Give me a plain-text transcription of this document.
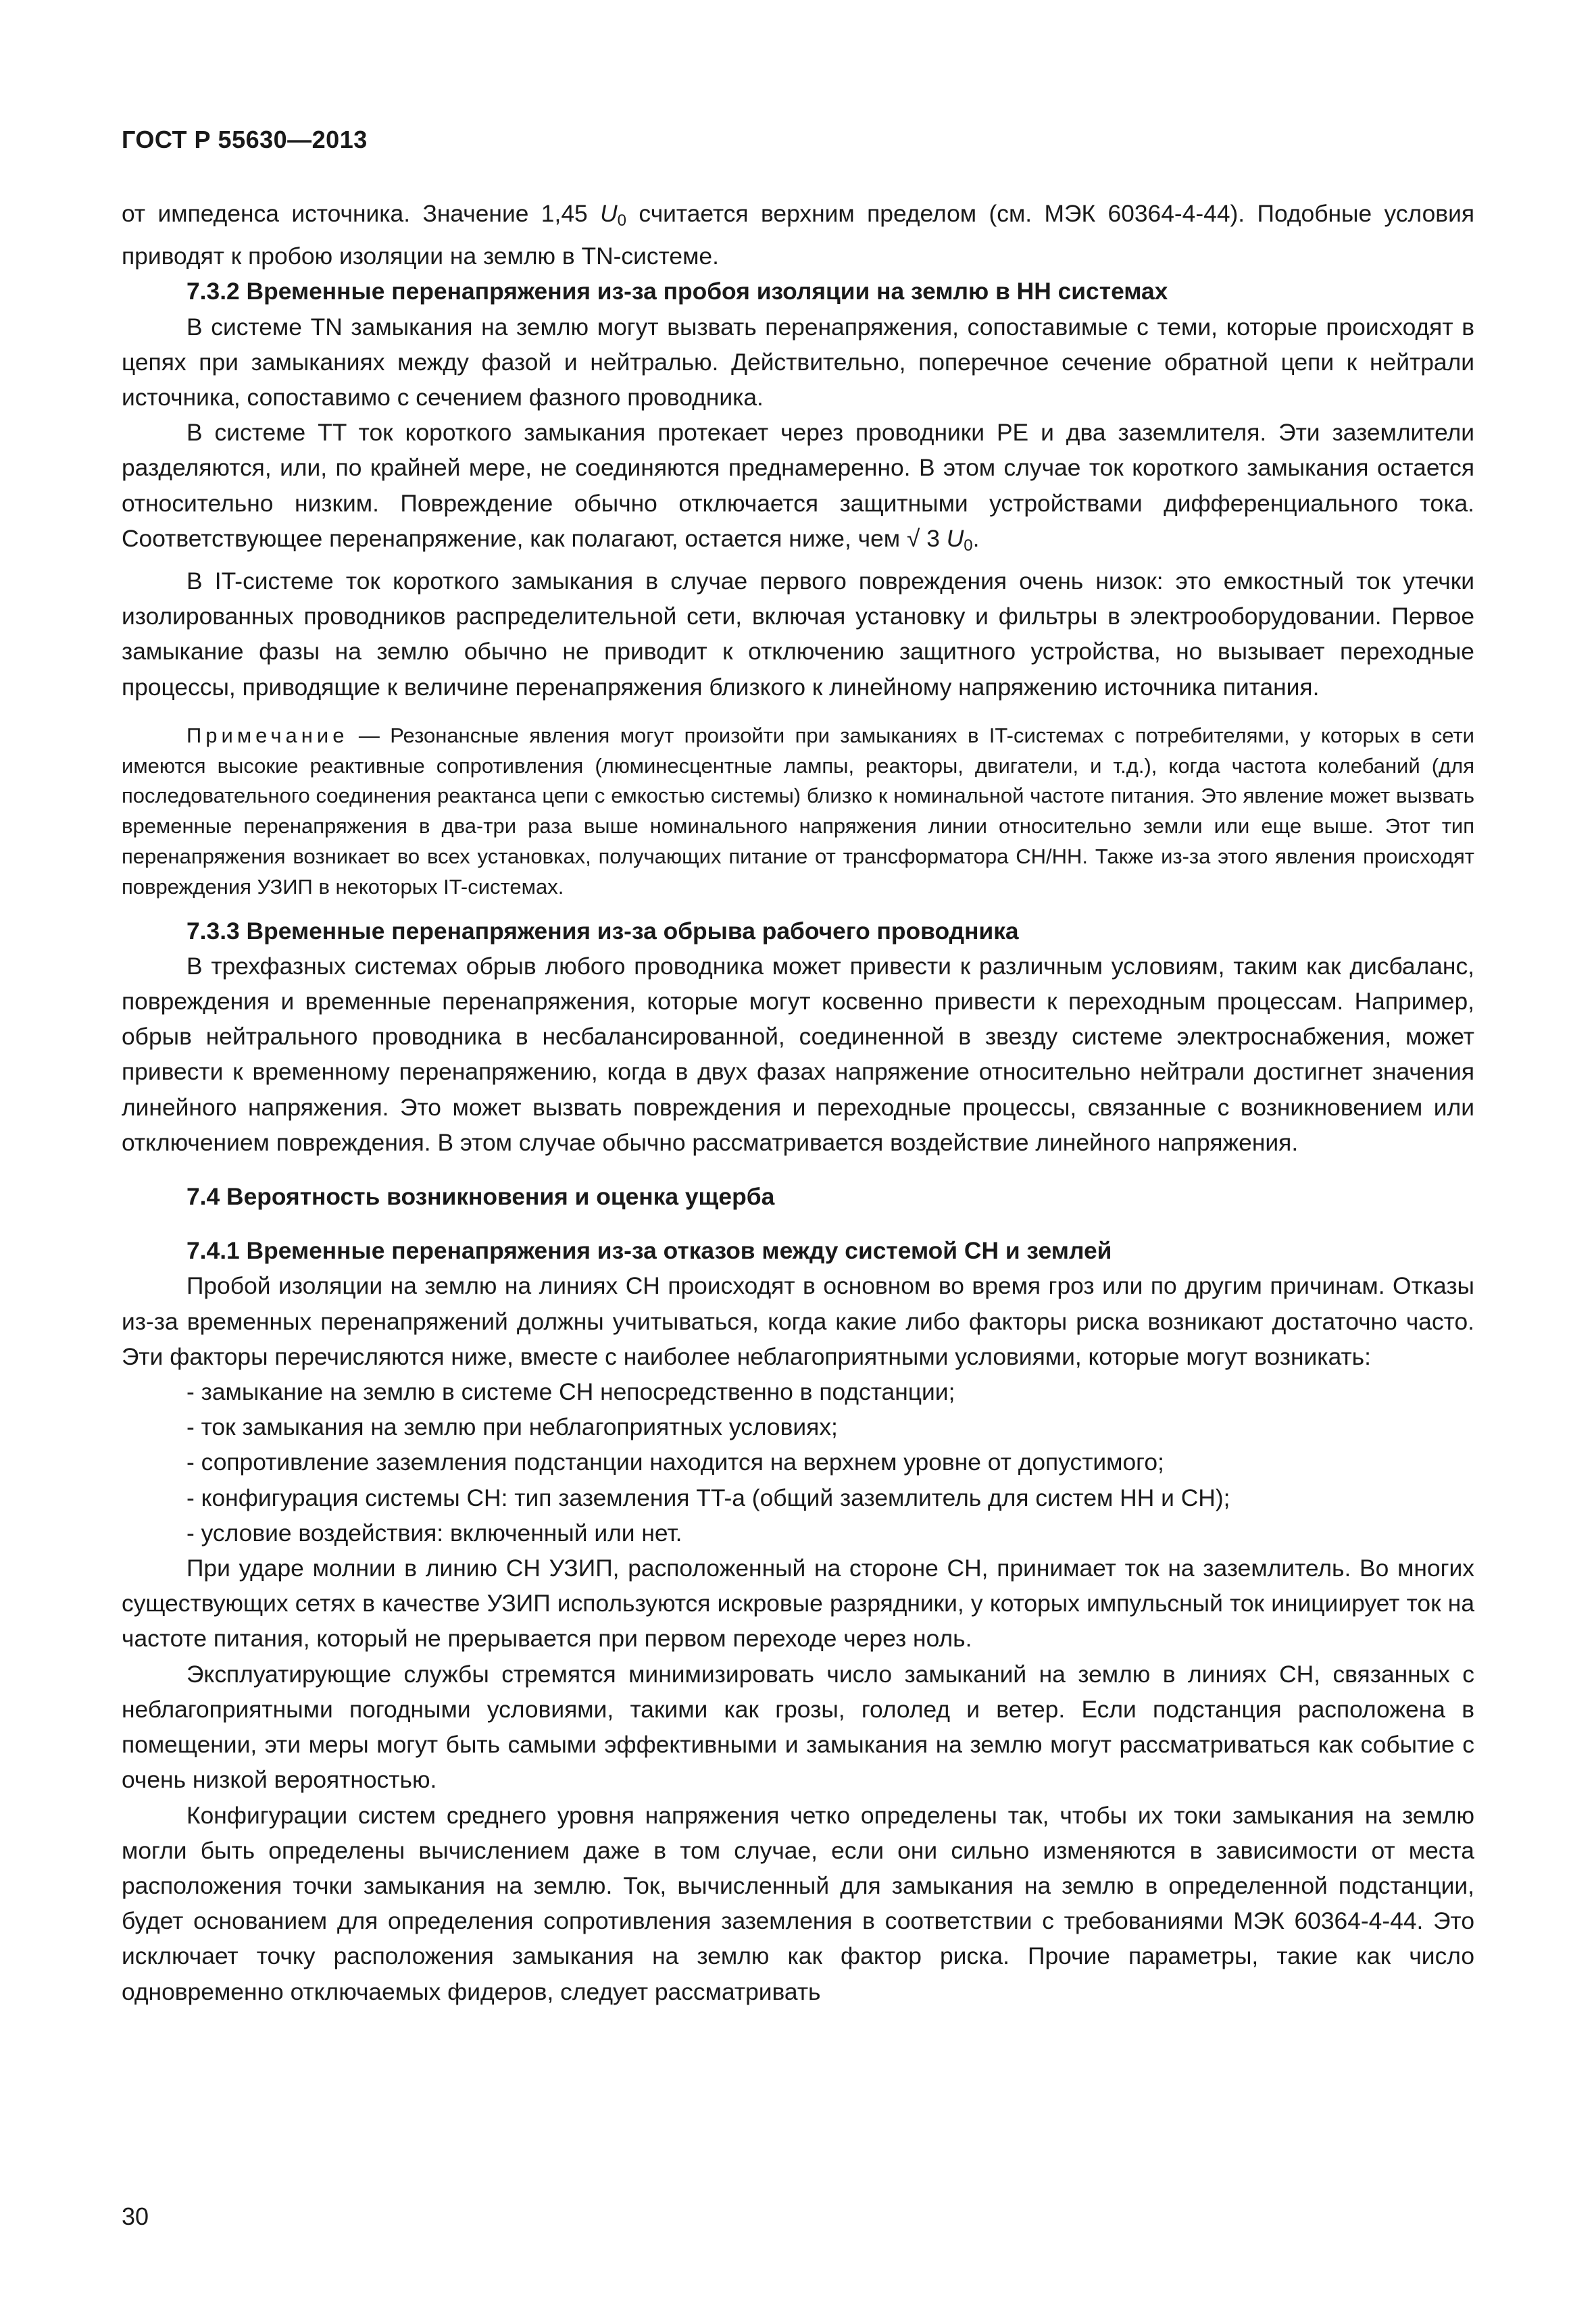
ГОСТ Р 55630—2013

от импеденса источника. Значение 1,45 $U_0$ считается верхним пределом (см. МЭК 60364-4-44). Подобные условия приводят к пробою изоляции на землю в TN-системе.

7.3.2 Временные перенапряжения из-за пробоя изоляции на землю в НН системах

В системе TN замыкания на землю могут вызвать перенапряжения, сопоставимые с теми, которые происходят в цепях при замыканиях между фазой и нейтралью. Действительно, поперечное сечение обратной цепи к нейтрали источника, сопоставимо с сечением фазного проводника.

В системе TT ток короткого замыкания протекает через проводники PE и два заземлителя. Эти заземлители разделяются, или, по крайней мере, не соединяются преднамеренно. В этом случае ток короткого замыкания остается относительно низким. Повреждение обычно отключается защитными устройствами дифференциального тока. Соответствующее перенапряжение, как полагают, остается ниже, чем √ 3 $U_0$.

В IT-системе ток короткого замыкания в случае первого повреждения очень низок: это емкостный ток утечки изолированных проводников распределительной сети, включая установку и фильтры в электрооборудовании. Первое замыкание фазы на землю обычно не приводит к отключению защитного устройства, но вызывает переходные процессы, приводящие к величине перенапряжения близкого к линейному напряжению источника питания.

Примечание — Резонансные явления могут произойти при замыканиях в IT-системах с потребителями, у которых в сети имеются высокие реактивные сопротивления (люминесцентные лампы, реакторы, двигатели, и т.д.), когда частота колебаний (для последовательного соединения реактанса цепи с емкостью системы) близко к номинальной частоте питания. Это явление может вызвать временные перенапряжения в два-три раза выше номинального напряжения линии относительно земли или еще выше. Этот тип перенапряжения возникает во всех установках, получающих питание от трансформатора СН/НН. Также из-за этого явления происходят повреждения УЗИП в некоторых IT-системах.

7.3.3 Временные перенапряжения из-за обрыва рабочего проводника

В трехфазных системах обрыв любого проводника может привести к различным условиям, таким как дисбаланс, повреждения и временные перенапряжения, которые могут косвенно привести к переходным процессам. Например, обрыв нейтрального проводника в несбалансированной, соединенной в звезду системе электроснабжения, может привести к временному перенапряжению, когда в двух фазах напряжение относительно нейтрали достигнет значения линейного напряжения. Это может вызвать повреждения и переходные процессы, связанные с возникновением или отключением повреждения. В этом случае обычно рассматривается воздействие линейного напряжения.

7.4 Вероятность возникновения и оценка ущерба

7.4.1 Временные перенапряжения из-за отказов между системой СН и землей

Пробой изоляции на землю на линиях СН происходят в основном во время гроз или по другим причинам. Отказы из-за временных перенапряжений должны учитываться, когда какие либо факторы риска возникают достаточно часто. Эти факторы перечисляются ниже, вместе с наиболее неблагоприятными условиями, которые могут возникать:

- замыкание на землю в системе СН непосредственно в подстанции;

- ток замыкания на землю при неблагоприятных условиях;

- сопротивление заземления подстанции находится на верхнем уровне от допустимого;

- конфигурация системы СН: тип заземления TT-а (общий заземлитель для систем НН и СН);

- условие воздействия: включенный или нет.

При ударе молнии в линию СН УЗИП, расположенный на стороне СН, принимает ток на заземлитель. Во многих существующих сетях в качестве УЗИП используются искровые разрядники, у которых импульсный ток инициирует ток на частоте питания, который не прерывается при первом переходе через ноль.

Эксплуатирующие службы стремятся минимизировать число замыканий на землю в линиях СН, связанных с неблагоприятными погодными условиями, такими как грозы, гололед и ветер. Если подстанция расположена в помещении, эти меры могут быть самыми эффективными и замыкания на землю могут рассматриваться как событие с очень низкой вероятностью.

Конфигурации систем среднего уровня напряжения четко определены так, чтобы их токи замыкания на землю могли быть определены вычислением даже в том случае, если они сильно изменяются в зависимости от места расположения точки замыкания на землю. Ток, вычисленный для замыкания на землю в определенной подстанции, будет основанием для определения сопротивления заземления в соответствии с требованиями МЭК 60364-4-44. Это исключает точку расположения замыкания на землю как фактор риска. Прочие параметры, такие как число одновременно отключаемых фидеров, следует рассматривать

30
